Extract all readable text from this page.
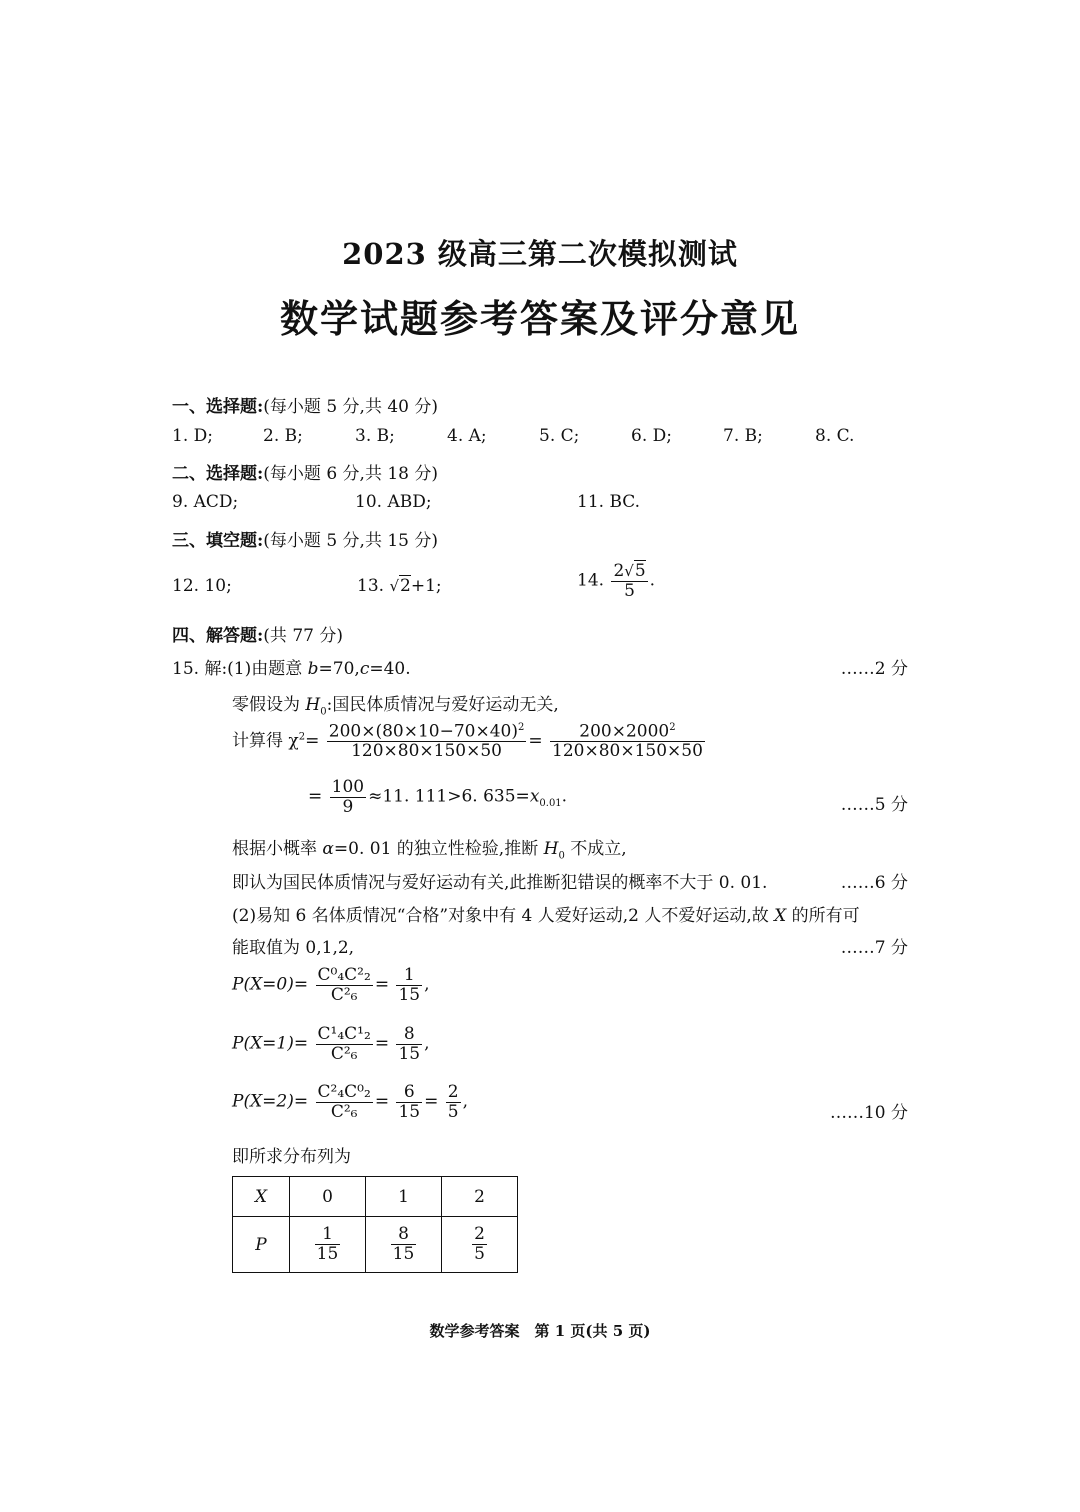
2023 级高三第二次模拟测试
数学试题参考答案及评分意见
一、选择题:(每小题 5 分,共 40 分)
1. D;	2. B;	3. B;	4. A;	5. C;	6. D;	7. B;	8. C.
二、选择题:(每小题 6 分,共 18 分)
9. ACD;	10. ABD;	11. BC.
三、填空题:(每小题 5 分,共 15 分)
12. 10;	13. √2+1;	14. $\frac{2√5}{5}$ .
四、解答题:(共 77 分)
15. 解:(1)由题意 b=70,c=40.	……2 分
零假设为 $H_0$:国民体质情况与爱好运动无关,
计算得 $\chi^2= \frac{200\times(80\times 10-70\times 40)^2}{120\times 80\times 150\times 50} = \frac{200\times 2000^2}{120\times 80\times 150\times 50}$
= $\frac{100}{9} \approx 11$. 111>6. $635=x_{0.01}$.	……5 分
根据小概率 α=0. 01 的独立性检验,推断 $H_0$ 不成立,
即认为国民体质情况与爱好运动有关,此推断犯错误的概率不大于 0. 01.	……6 分
(2)易知 6 名体质情况“合格”对象中有 4 人爱好运动,2 人不爱好运动,故 X 的所有可
能取值为 0,1,2,	……7 分
$P(X=0)= \frac{\text{C⁰₄C²₂}}{\text{C²₆}} = \frac{1}{15}$ ,
$P(X=1)= \frac{\text{C¹₄C¹₂}}{\text{C²₆}} = \frac{8}{15}$ ,
$P(X=2)= \frac{\text{C²₄C⁰₂}}{\text{C²₆}} = \frac{6}{15} = \frac{2}{5}$ ,
……10 分
即所求分布列为
X	0	1	2
P	$\frac{1}{15}$	$\frac{8}{15}$	$\frac{2}{5}$
数学参考答案　第 1 页(共 5 页)
